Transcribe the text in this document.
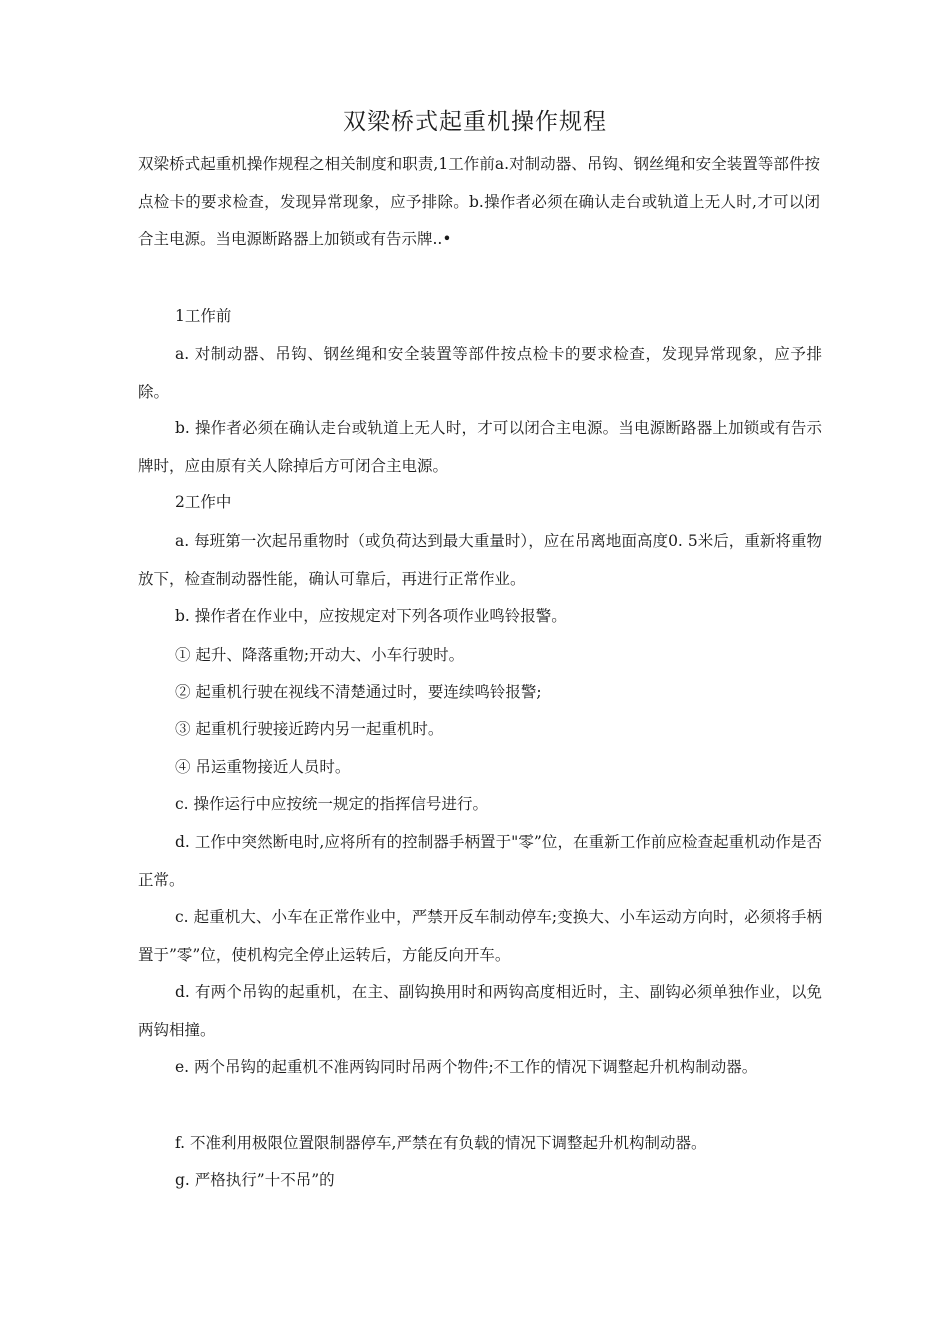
双梁桥式起重机操作规程
双梁桥式起重机操作规程之相关制度和职责,1工作前a.对制动器、吊钩、钢丝绳和安全装置等部件按点检卡的要求检查，发现异常现象，应予排除。b.操作者必须在确认走台或轨道上无人时,才可以闭合主电源。当电源断路器上加锁或有告示牌..•
1工作前
a. 对制动器、吊钩、钢丝绳和安全装置等部件按点检卡的要求检查，发现异常现象，应予排除。
b. 操作者必须在确认走台或轨道上无人时，才可以闭合主电源。当电源断路器上加锁或有告示牌时，应由原有关人除掉后方可闭合主电源。
2工作中
a. 每班第一次起吊重物时（或负荷达到最大重量时），应在吊离地面高度0. 5米后，重新将重物放下，检查制动器性能，确认可靠后，再进行正常作业。
b. 操作者在作业中，应按规定对下列各项作业鸣铃报警。
① 起升、降落重物;开动大、小车行驶时。
② 起重机行驶在视线不清楚通过时，要连续鸣铃报警;
③ 起重机行驶接近跨内另一起重机时。
④ 吊运重物接近人员时。
c. 操作运行中应按统一规定的指挥信号进行。
d. 工作中突然断电时,应将所有的控制器手柄置于"零”位，在重新工作前应检查起重机动作是否正常。
c. 起重机大、小车在正常作业中，严禁开反车制动停车;变换大、小车运动方向时，必须将手柄置于”零”位，使机构完全停止运转后，方能反向开车。
d. 有两个吊钩的起重机，在主、副钩换用时和两钩高度相近时，主、副钩必须单独作业，以免两钩相撞。
e. 两个吊钩的起重机不准两钩同时吊两个物件;不工作的情况下调整起升机构制动器。
f. 不准利用极限位置限制器停车,严禁在有负载的情况下调整起升机构制动器。
g. 严格执行”十不吊”的
